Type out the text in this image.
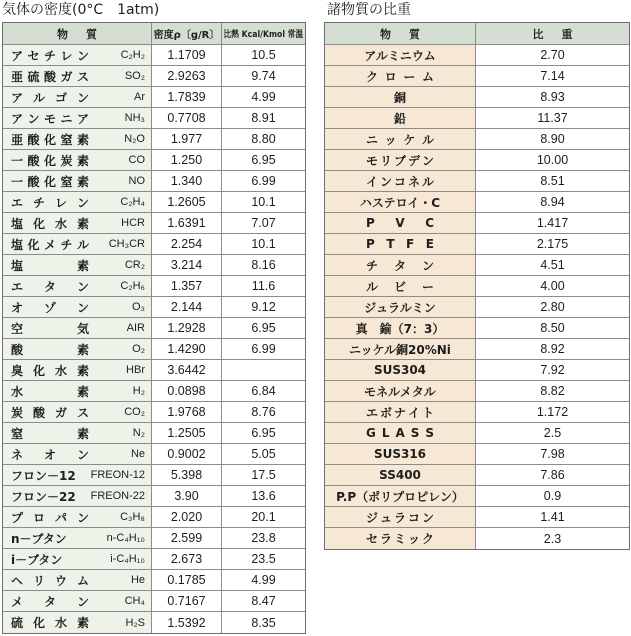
気体の密度(0°C　1atm)	諸物質の比重
物 質	密度ρ〔g/R〕 比熱 Kcal/Kmol 常温
ア セ チ レ ン	C₂H₂	1.1709	10.5
亜 硫 酸 ガ ス	SO₂	2.9263	9.74
ア ル ゴ ン	Ar	1.7839	4.99
ア ン モ ニ ア	NH₃	0.7708	8.91
亜 酸 化 窒 素	N₂O	1.977	8.80
一 酸 化 炭 素	CO	1.250	6.95
一 酸 化 窒 素	NO	1.340	6.99
エ チ レ ン	C₂H₄	1.2605	10.1
塩 化 水 素	HCR	1.6391	7.07
塩 化 メ チ ル CH₃CR	2.254	10.1
塩	素	CR₂	3.214	8.16
エ タ ン	C₂H₆	1.357	11.6
オ ゾ ン	O₃	2.144	9.12
空	気	AIR	1.2928	6.95
酸	素	O₂	1.4290	6.99
臭 化 水 素	HBr	3.6442
水	素	H₂	0.0898	6.84
炭 酸 ガ ス	CO₂	1.9768	8.76
窒	素	N₂	1.2505	6.95
ネ オ ン	Ne	0.9002	5.05
フロン－12 FREON-12	5.398	17.5
フロン－22 FREON-22	3.90	13.6
プ ロ パ ン	C₃H₈	2.020	20.1
n－ブタン	n-C₄H₁₀	2.599	23.8
i－ブタン	i-C₄H₁₀	2.673	23.5
ヘ リ ウ ム	He	0.1785	4.99
メ タ ン	CH₄	0.7167	8.47
硫 化 水 素	H₂S	1.5392	8.35
物 質	比 重
アルミニウム	2.70
ク ロ ー ム	7.14
銅	8.93
鉛	11.37
ニ ッ ケ ル	8.90
モ リ ブ デ ン	10.00
イ ン コ ネ ル	8.51
ハステロイ・C	8.94
P V C	1.417
P T F E	2.175
チ タ ン	4.51
ル ビ ー	4.00
ジュラルミン	2.80
真　鍮（7：3）	8.50
ニッケル銅20%Ni	8.92
SUS304	7.92
モネルメタル	8.82
エ ボ ナ イ ト	1.172
G L A S S	2.5
SUS316	7.98
SS400	7.86
P.P（ポリプロピレン）	0.9
ジ ュ ラ コ ン	1.41
セ ラ ミ ッ ク	2.3
